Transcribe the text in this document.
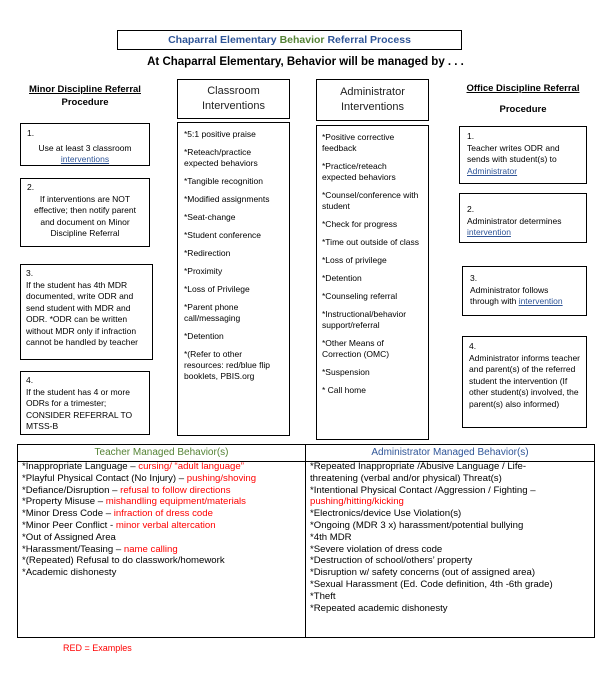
Chaparral Elementary Behavior Referral Process
At Chaparral Elementary, Behavior will be managed by . . .
Minor Discipline Referral
Procedure
1.
Use at least 3 classroom
interventions
2.
If interventions are NOT effective; then notify parent and document on Minor Discipline Referral
3.
If the student has 4th MDR documented, write ODR and send student with MDR and ODR. *ODR can be written without MDR only if infraction cannot be handled by teacher
4.
If the student has 4 or more ODRs for a trimester; CONSIDER REFERRAL TO MTSS-B
Classroom
Interventions
*5:1 positive praise
*Reteach/practice expected behaviors
*Tangible recognition
*Modified assignments
*Seat-change
*Student conference
*Redirection
*Proximity
*Loss of Privilege
*Parent phone call/messaging
*Detention
*(Refer to other resources: red/blue flip booklets, PBIS.org
Administrator
Interventions
*Positive corrective feedback
*Practice/reteach expected behaviors
*Counsel/conference with student
*Check for progress
*Time out outside of class
*Loss of privilege
*Detention
*Counseling referral
*Instructional/behavior support/referral
*Other Means of Correction (OMC)
*Suspension
* Call home
Office Discipline Referral
Procedure
1.
Teacher writes ODR and sends with student(s) to Administrator
2.
Administrator determines
intervention
3.
Administrator follows through with intervention
4.
Administrator informs teacher and parent(s) of the referred student the intervention (If other student(s) involved, the parent(s) also informed)
Teacher Managed Behavior(s)	Administrator Managed Behavior(s)
*Inappropriate Language – cursing/ “adult language”
*Playful Physical Contact (No Injury) – pushing/shoving
*Defiance/Disruption – refusal to follow directions
*Property Misuse – mishandling equipment/materials
*Minor Dress Code – infraction of dress code
*Minor Peer Conflict - minor verbal altercation
*Out of Assigned Area
*Harassment/Teasing – name calling
*(Repeated) Refusal to do classwork/homework
*Academic dishonesty
*Repeated Inappropriate /Abusive Language / Life-
threatening (verbal and/or physical) Threat(s)
*Intentional Physical Contact /Aggression / Fighting –
pushing/hitting/kicking
*Electronics/device Use Violation(s)
*Ongoing (MDR 3 x) harassment/potential bullying
*4th MDR
*Severe violation of dress code
*Destruction of school/others’ property
*Disruption w/ safety concerns (out of assigned area)
*Sexual Harassment (Ed. Code definition, 4th -6th grade)
*Theft
*Repeated academic dishonesty
RED = Examples
